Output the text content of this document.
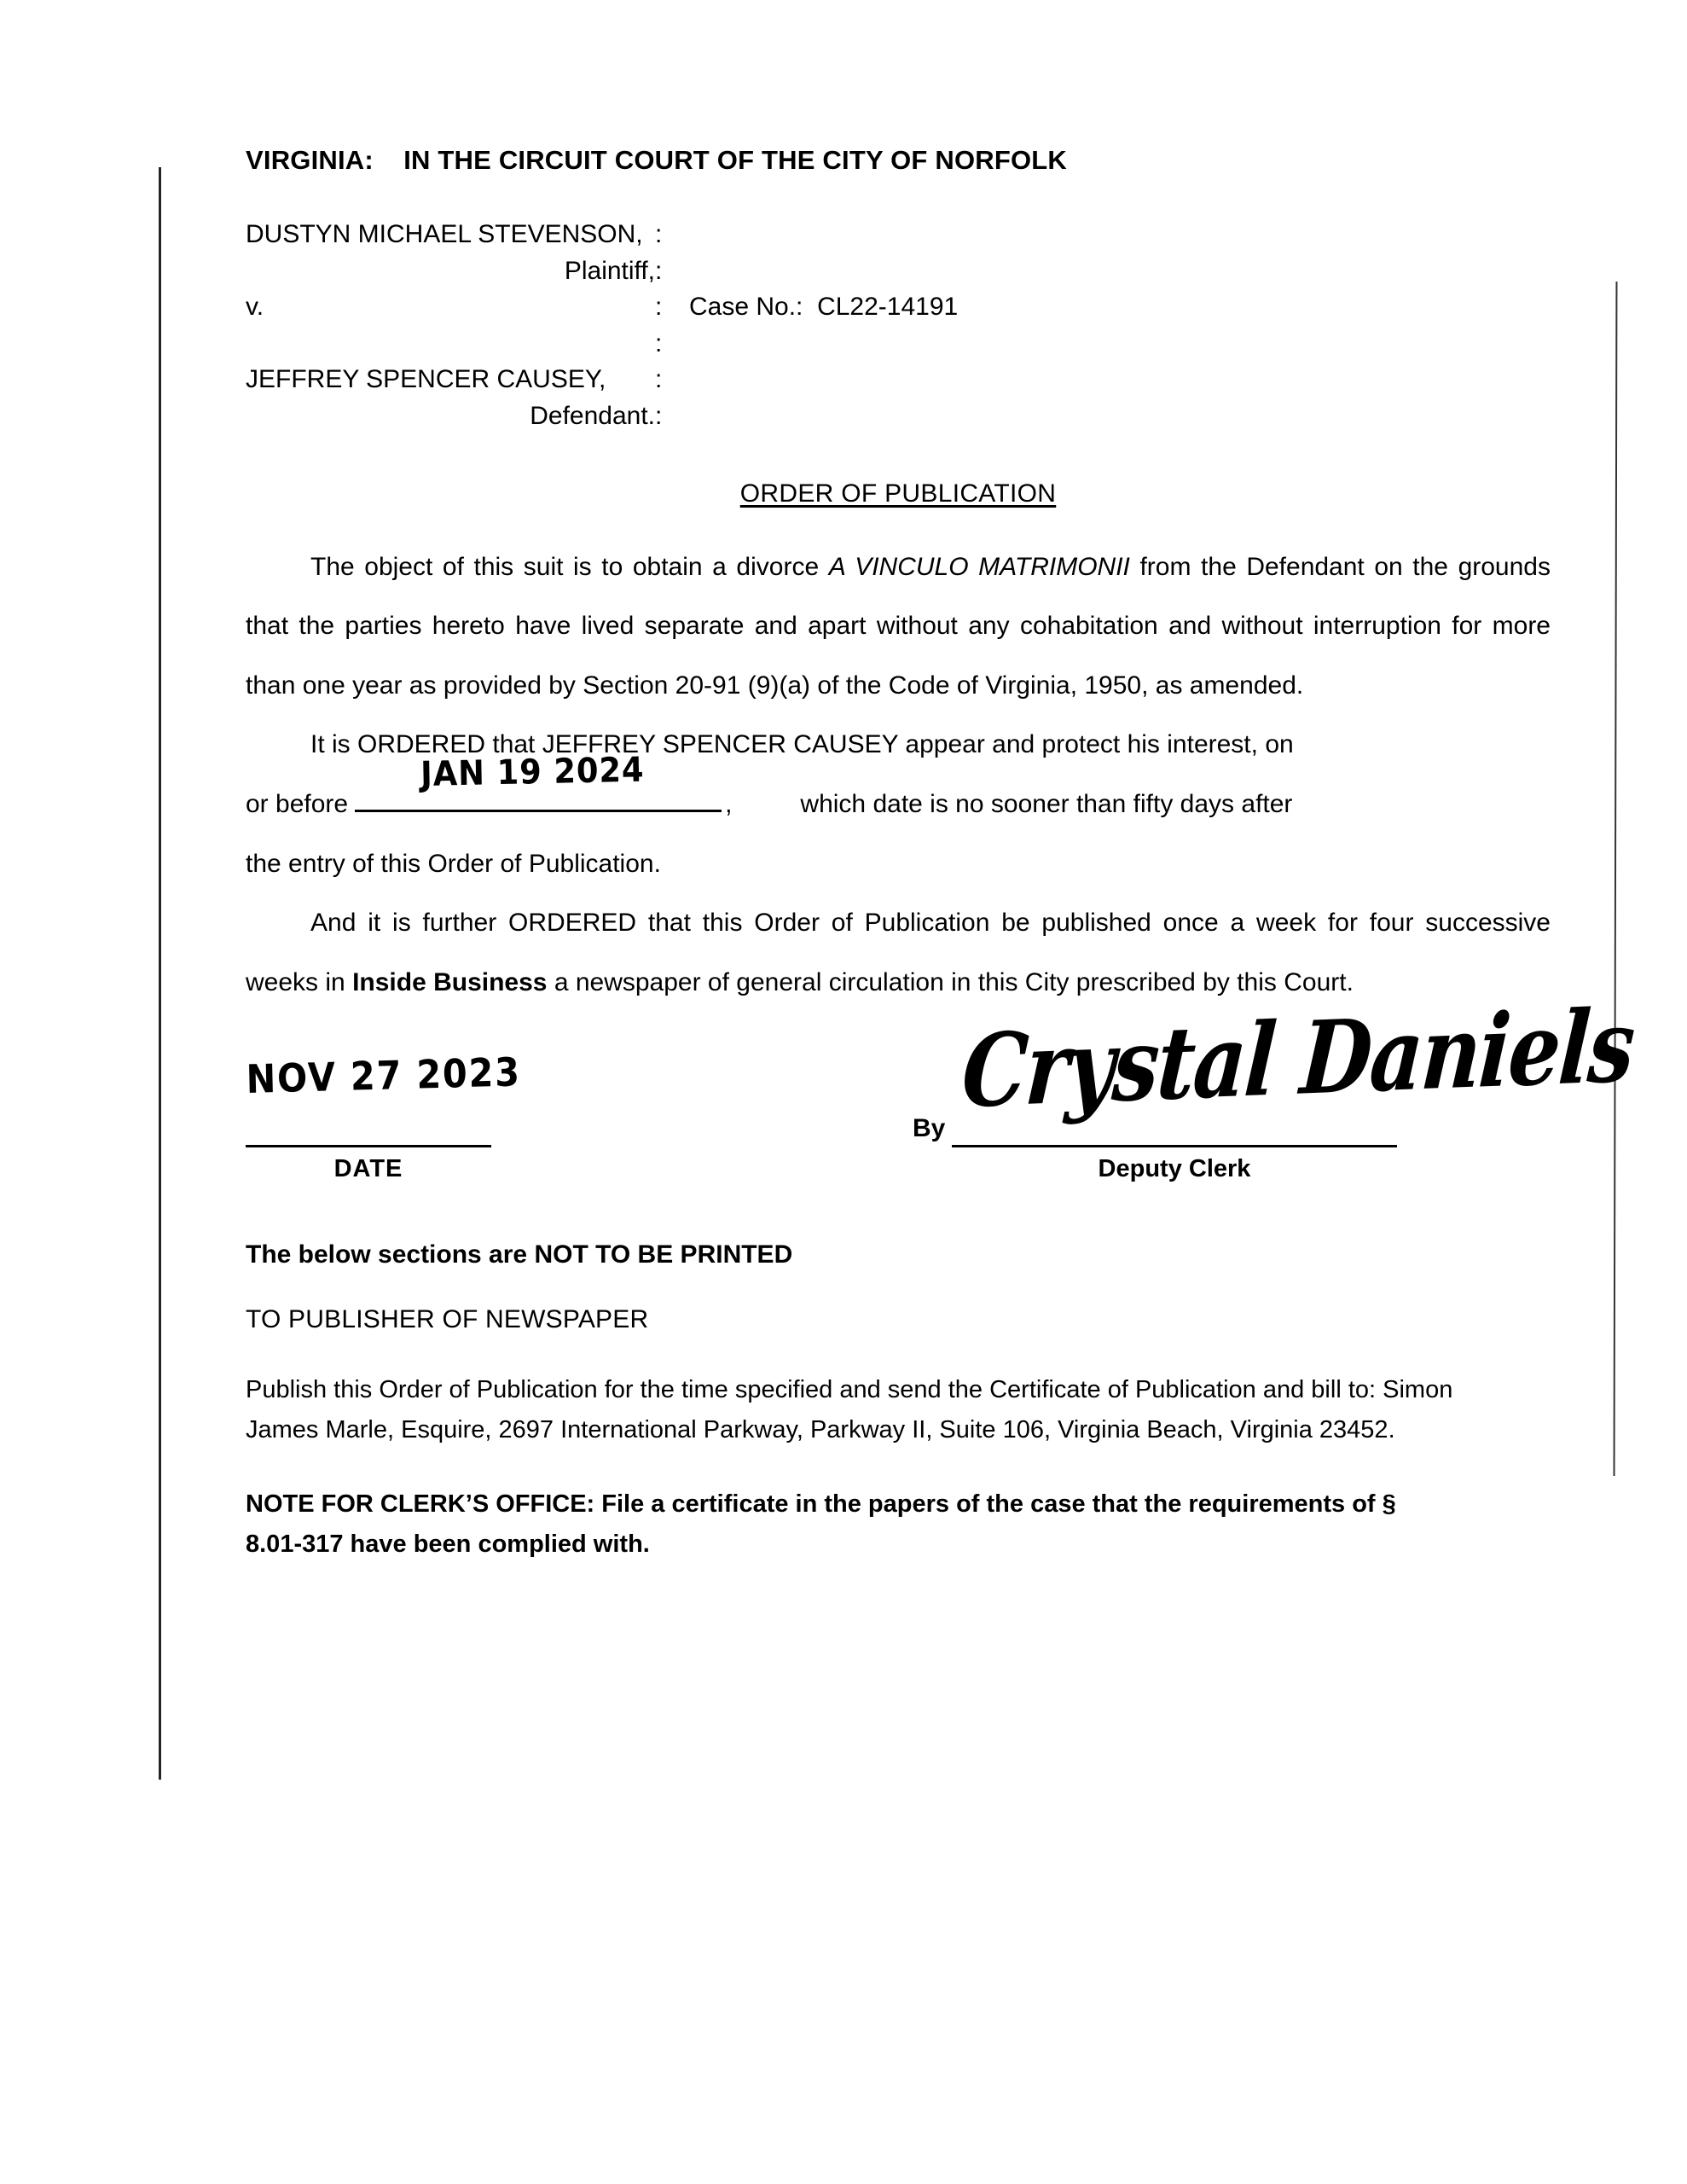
VIRGINIA: IN THE CIRCUIT COURT OF THE CITY OF NORFOLK
DUSTYN MICHAEL STEVENSON,	:	
Plaintiff,	:	
v.	:	Case No.: CL22-14191
	:	
JEFFREY SPENCER CAUSEY,	:	
Defendant.	:	
ORDER OF PUBLICATION

The object of this suit is to obtain a divorce A VINCULO MATRIMONII from the Defendant on the grounds that the parties hereto have lived separate and apart without any cohabitation and without interruption for more than one year as provided by Section 20-91 (9)(a) of the Code of Virginia, 1950, as amended.

It is ORDERED that JEFFREY SPENCER CAUSEY appear and protect his interest, on

or before
JAN 19 2024
,	which date is no sooner than fifty days after

the entry of this Order of Publication.

And it is further ORDERED that this Order of Publication be published once a week for four successive weeks in Inside Business a newspaper of general circulation in this City prescribed by this Court.

NOV 27 2023
DATE
By Crystal Daniels
Deputy Clerk
The below sections are NOT TO BE PRINTED
TO PUBLISHER OF NEWSPAPER
Publish this Order of Publication for the time specified and send the Certificate of Publication and bill to: Simon James Marle, Esquire, 2697 International Parkway, Parkway II, Suite 106, Virginia Beach, Virginia 23452.
NOTE FOR CLERK’S OFFICE: File a certificate in the papers of the case that the requirements of § 8.01-317 have been complied with.
